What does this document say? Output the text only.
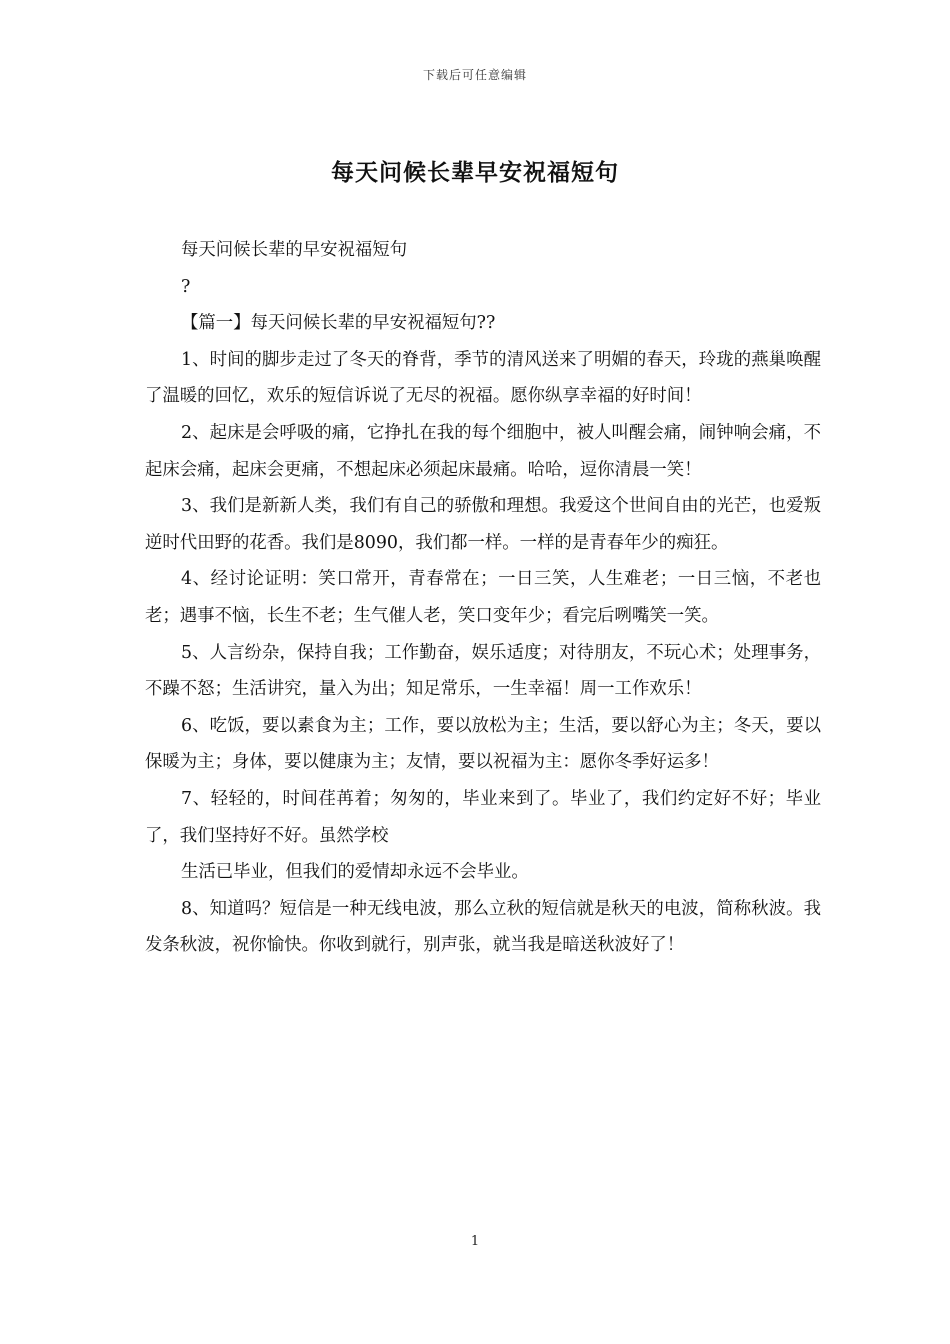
下载后可任意编辑
每天问候长辈早安祝福短句

每天问候长辈的早安祝福短句

?

【篇一】每天问候长辈的早安祝福短句??

1、时间的脚步走过了冬天的脊背，季节的清风送来了明媚的春天，玲珑的燕巢唤醒了温暖的回忆，欢乐的短信诉说了无尽的祝福。愿你纵享幸福的好时间！

2、起床是会呼吸的痛，它挣扎在我的每个细胞中，被人叫醒会痛，闹钟响会痛，不起床会痛，起床会更痛，不想起床必须起床最痛。哈哈，逗你清晨一笑！

3、我们是新新人类，我们有自己的骄傲和理想。我爱这个世间自由的光芒，也爱叛逆时代田野的花香。我们是8090，我们都一样。一样的是青春年少的痴狂。

4、经讨论证明：笑口常开，青春常在；一日三笑，人生难老；一日三恼，不老也老；遇事不恼，长生不老；生气催人老，笑口变年少；看完后咧嘴笑一笑。

5、人言纷杂，保持自我；工作勤奋，娱乐适度；对待朋友，不玩心术；处理事务，不躁不怒；生活讲究，量入为出；知足常乐，一生幸福！周一工作欢乐！

6、吃饭，要以素食为主；工作，要以放松为主；生活，要以舒心为主；冬天，要以保暖为主；身体，要以健康为主；友情，要以祝福为主：愿你冬季好运多！

7、轻轻的，时间荏苒着；匆匆的，毕业来到了。毕业了，我们约定好不好；毕业了，我们坚持好不好。虽然学校

生活已毕业，但我们的爱情却永远不会毕业。

8、知道吗？短信是一种无线电波，那么立秋的短信就是秋天的电波，简称秋波。我发条秋波，祝你愉快。你收到就行，别声张，就当我是暗送秋波好了！

1
